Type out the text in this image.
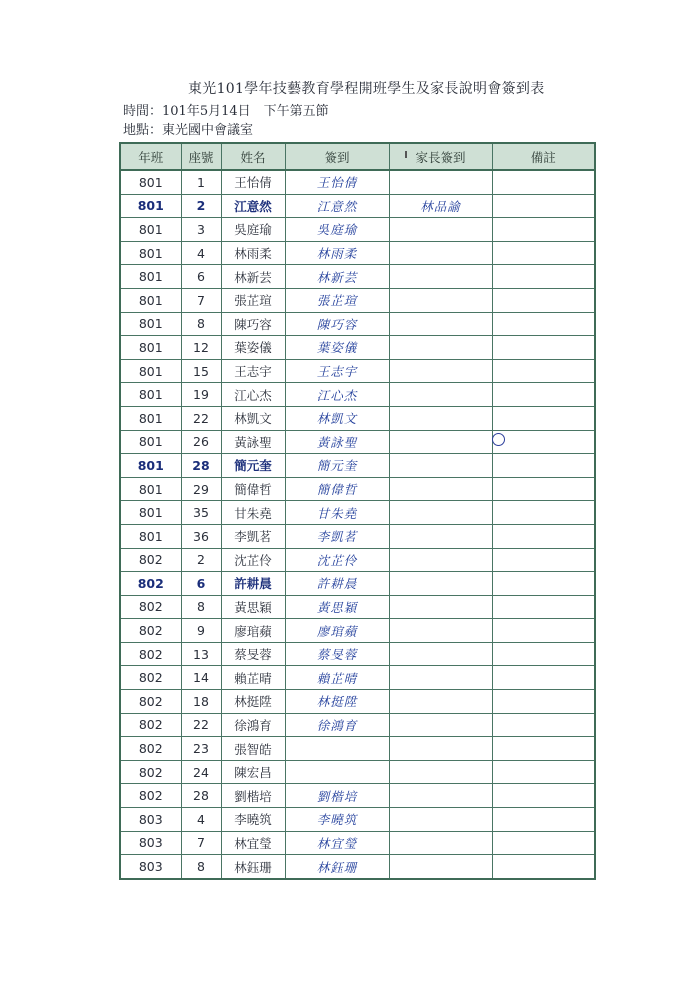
東光101學年技藝教育學程開班學生及家長說明會簽到表
時間：101年5月14日　下午第五節
地點：東光國中會議室
年班	座號	姓名	簽到	家長簽到	備註
801	1	王怡倩	王怡倩		
801	2	江意然	江意然	林品諭	
801	3	吳庭瑜	吳庭瑜		
801	4	林雨柔	林雨柔		
801	6	林新芸	林新芸		
801	7	張芷瑄	張芷瑄		
801	8	陳巧容	陳巧容		
801	12	葉姿儀	葉姿儀		
801	15	王志宇	王志宇		
801	19	江心杰	江心杰		
801	22	林凱文	林凱文		
801	26	黃詠聖	黃詠聖		
801	28	簡元奎	簡元奎		
801	29	簡偉哲	簡偉哲		
801	35	甘朱堯	甘朱堯		
801	36	李凱茗	李凱茗		
802	2	沈芷伶	沈芷伶		
802	6	許耕晨	許耕晨		
802	8	黃思穎	黃思穎		
802	9	廖琯蘋	廖琯蘋		
802	13	蔡旻蓉	蔡旻蓉		
802	14	賴芷晴	賴芷晴		
802	18	林挺陞	林挺陞		
802	22	徐鴻育	徐鴻育		
802	23	張智皓			
802	24	陳宏昌			
802	28	劉楷培	劉楷培		
803	4	李曉筑	李曉筑		
803	7	林宜瑩	林宜瑩		
803	8	林鈺珊	林鈺珊		
